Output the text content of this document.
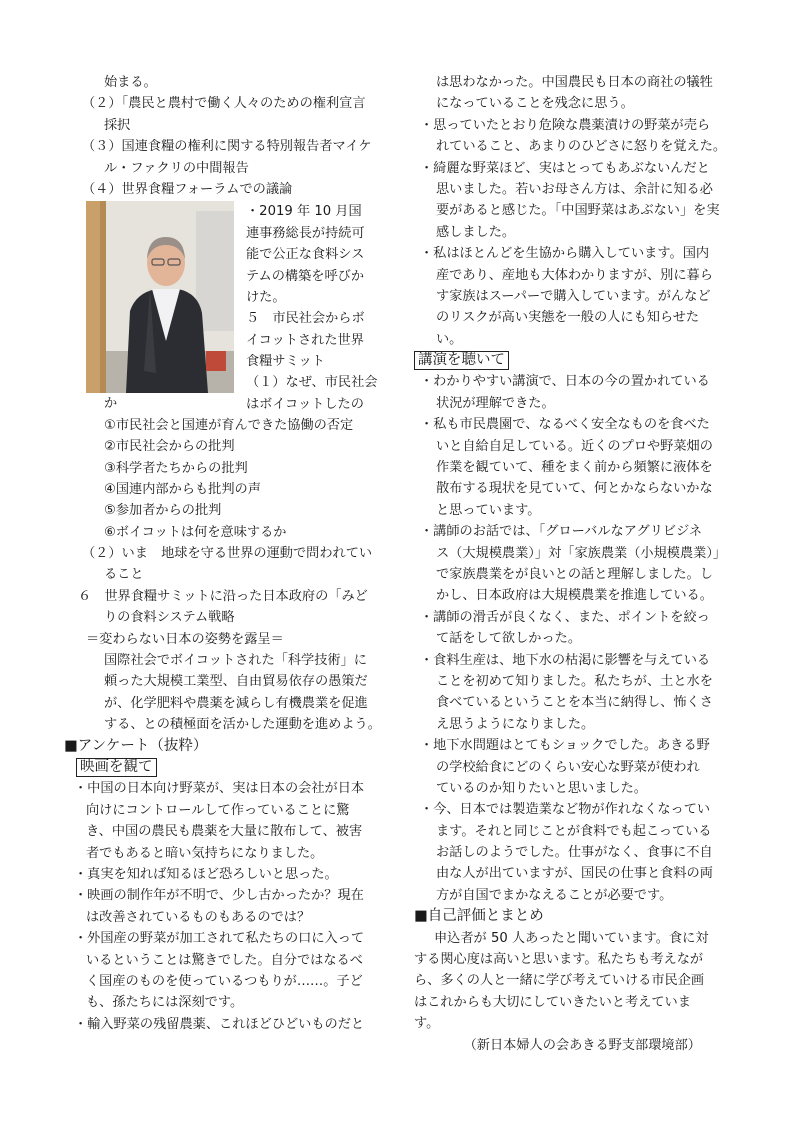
始まる。
（２）「農民と農村で働く人々のための権利宣言
採択
（３）国連食糧の権利に関する特別報告者マイケ
ル・ファクリの中間報告
（４）世界食糧フォーラムでの議論
・2019 年 10 月国
連事務総長が持続可
能で公正な食料シス
テムの構築を呼びか
けた。
５　市民社会からボ
イコットされた世界
食糧サミット
（１）なぜ、市民社会
はボイコットしたの
か
①市民社会と国連が育んできた協働の否定
②市民社会からの批判
③科学者たちからの批判
④国連内部からも批判の声
⑤参加者からの批判
⑥ボイコットは何を意味するか
（２）いま　地球を守る世界の運動で問われてい
ること
６　世界食糧サミットに沿った日本政府の「みど
りの食料システム戦略
＝変わらない日本の姿勢を露呈＝
国際社会でボイコットされた「科学技術」に
頼った大規模工業型、自由貿易依存の愚策だ
が、化学肥料や農薬を減らし有機農業を促進
する、との積極面を活かした運動を進めよう。
■アンケート（抜粋）
映画を観て
・中国の日本向け野菜が、実は日本の会社が日本
向けにコントロールして作っていることに驚
き、中国の農民も農薬を大量に散布して、被害
者でもあると暗い気持ちになりました。
・真実を知れば知るほど恐ろしいと思った。
・映画の制作年が不明で、少し古かったか？現在
は改善されているものもあるのでは？
・外国産の野菜が加工されて私たちの口に入って
いるということは驚きでした。自分ではなるべ
く国産のものを使っているつもりが……。子ど
も、孫たちには深刻です。
・輸入野菜の残留農薬、これほどひどいものだと
は思わなかった。中国農民も日本の商社の犠牲
になっていることを残念に思う。
・思っていたとおり危険な農薬漬けの野菜が売ら
れていること、あまりのひどさに怒りを覚えた。
・綺麗な野菜ほど、実はとってもあぶないんだと
思いました。若いお母さん方は、余計に知る必
要があると感じた。「中国野菜はあぶない」を実
感しました。
・私はほとんどを生協から購入しています。国内
産であり、産地も大体わかりますが、別に暮ら
す家族はスーパーで購入しています。がんなど
のリスクが高い実態を一般の人にも知らせた
い。
講演を聴いて
・わかりやすい講演で、日本の今の置かれている
状況が理解できた。
・私も市民農園で、なるべく安全なものを食べた
いと自給自足している。近くのプロや野菜畑の
作業を観ていて、種をまく前から頻繁に液体を
散布する現状を見ていて、何とかならないかな
と思っています。
・講師のお話では、「グローバルなアグリビジネ
ス（大規模農業）」対「家族農業（小規模農業）」
で家族農業をが良いとの話と理解しました。し
かし、日本政府は大規模農業を推進している。
・講師の滑舌が良くなく、また、ポイントを絞っ
て話をして欲しかった。
・食料生産は、地下水の枯渇に影響を与えている
ことを初めて知りました。私たちが、土と水を
食べているということを本当に納得し、怖くさ
え思うようになりました。
・地下水問題はとてもショックでした。あきる野
の学校給食にどのくらい安心な野菜が使われ
ているのか知りたいと思いました。
・今、日本では製造業など物が作れなくなってい
ます。それと同じことが食料でも起こっている
お話しのようでした。仕事がなく、食事に不自
由な人が出ていますが、国民の仕事と食料の両
方が自国でまかなえることが必要です。
■自己評価とまとめ
申込者が 50 人あったと聞いています。食に対
する関心度は高いと思います。私たちも考えなが
ら、多くの人と一緒に学び考えていける市民企画
はこれからも大切にしていきたいと考えていま
す。
（新日本婦人の会あきる野支部環境部）
